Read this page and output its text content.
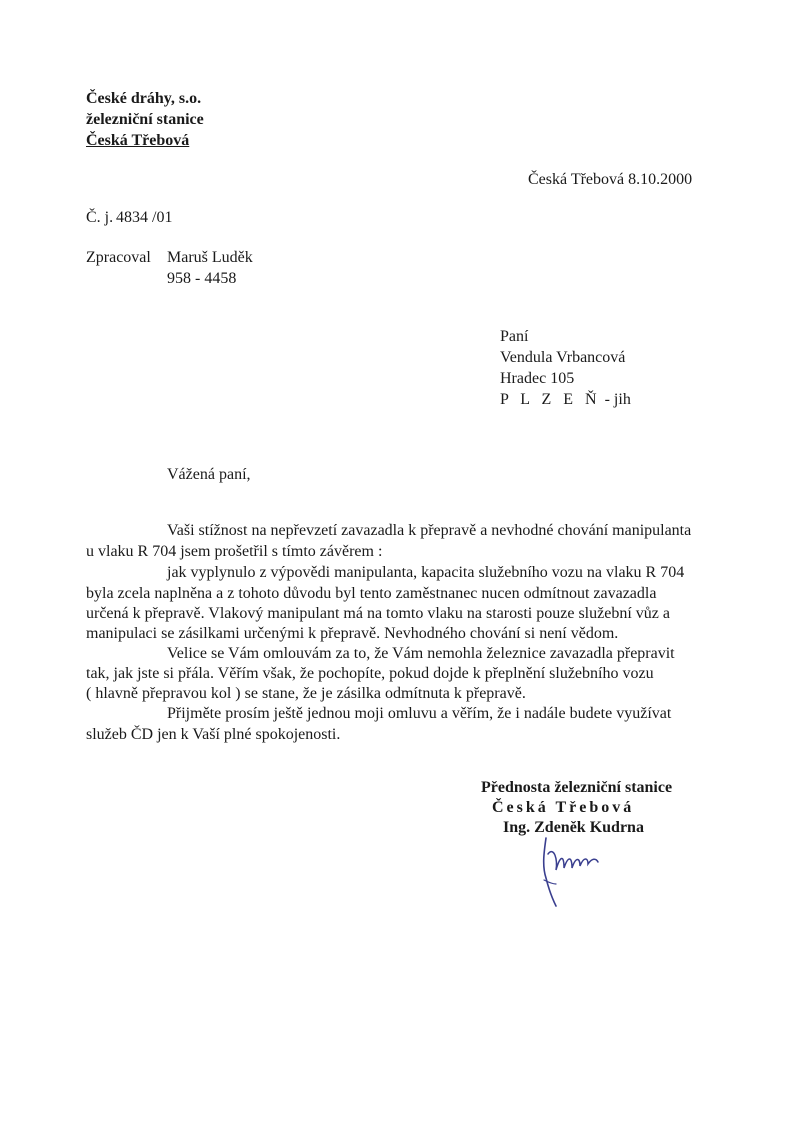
České dráhy, s.o.
železniční stanice
Česká Třebová
Česká Třebová 8.10.2000
Č. j. 4834 /01
Zpracoval Maruš Luděk
958 - 4458
Paní
Vendula Vrbancová
Hradec 105
P L Z E Ň - jih
Vážená paní,
Vaši stížnost na nepřevzetí zavazadla k přepravě a nevhodné chování manipulanta
u vlaku R 704 jsem prošetřil s tímto závěrem :
jak vyplynulo z výpovědi manipulanta, kapacita služebního vozu na vlaku R 704
byla zcela naplněna a z tohoto důvodu byl tento zaměstnanec nucen odmítnout zavazadla
určená k přepravě. Vlakový manipulant má na tomto vlaku na starosti pouze služební vůz a
manipulaci se zásilkami určenými k přepravě. Nevhodného chování si není vědom.
Velice se Vám omlouvám za to, že Vám nemohla železnice zavazadla přepravit
tak, jak jste si přála. Věřím však, že pochopíte, pokud dojde k přeplnění služebního vozu
( hlavně přepravou kol ) se stane, že je zásilka odmítnuta k přepravě.
Přijměte prosím ještě jednou moji omluvu a věřím, že i nadále budete využívat
služeb ČD jen k Vaší plné spokojenosti.
Přednosta železniční stanice
Česká Třebová
Ing. Zdeněk Kudrna
